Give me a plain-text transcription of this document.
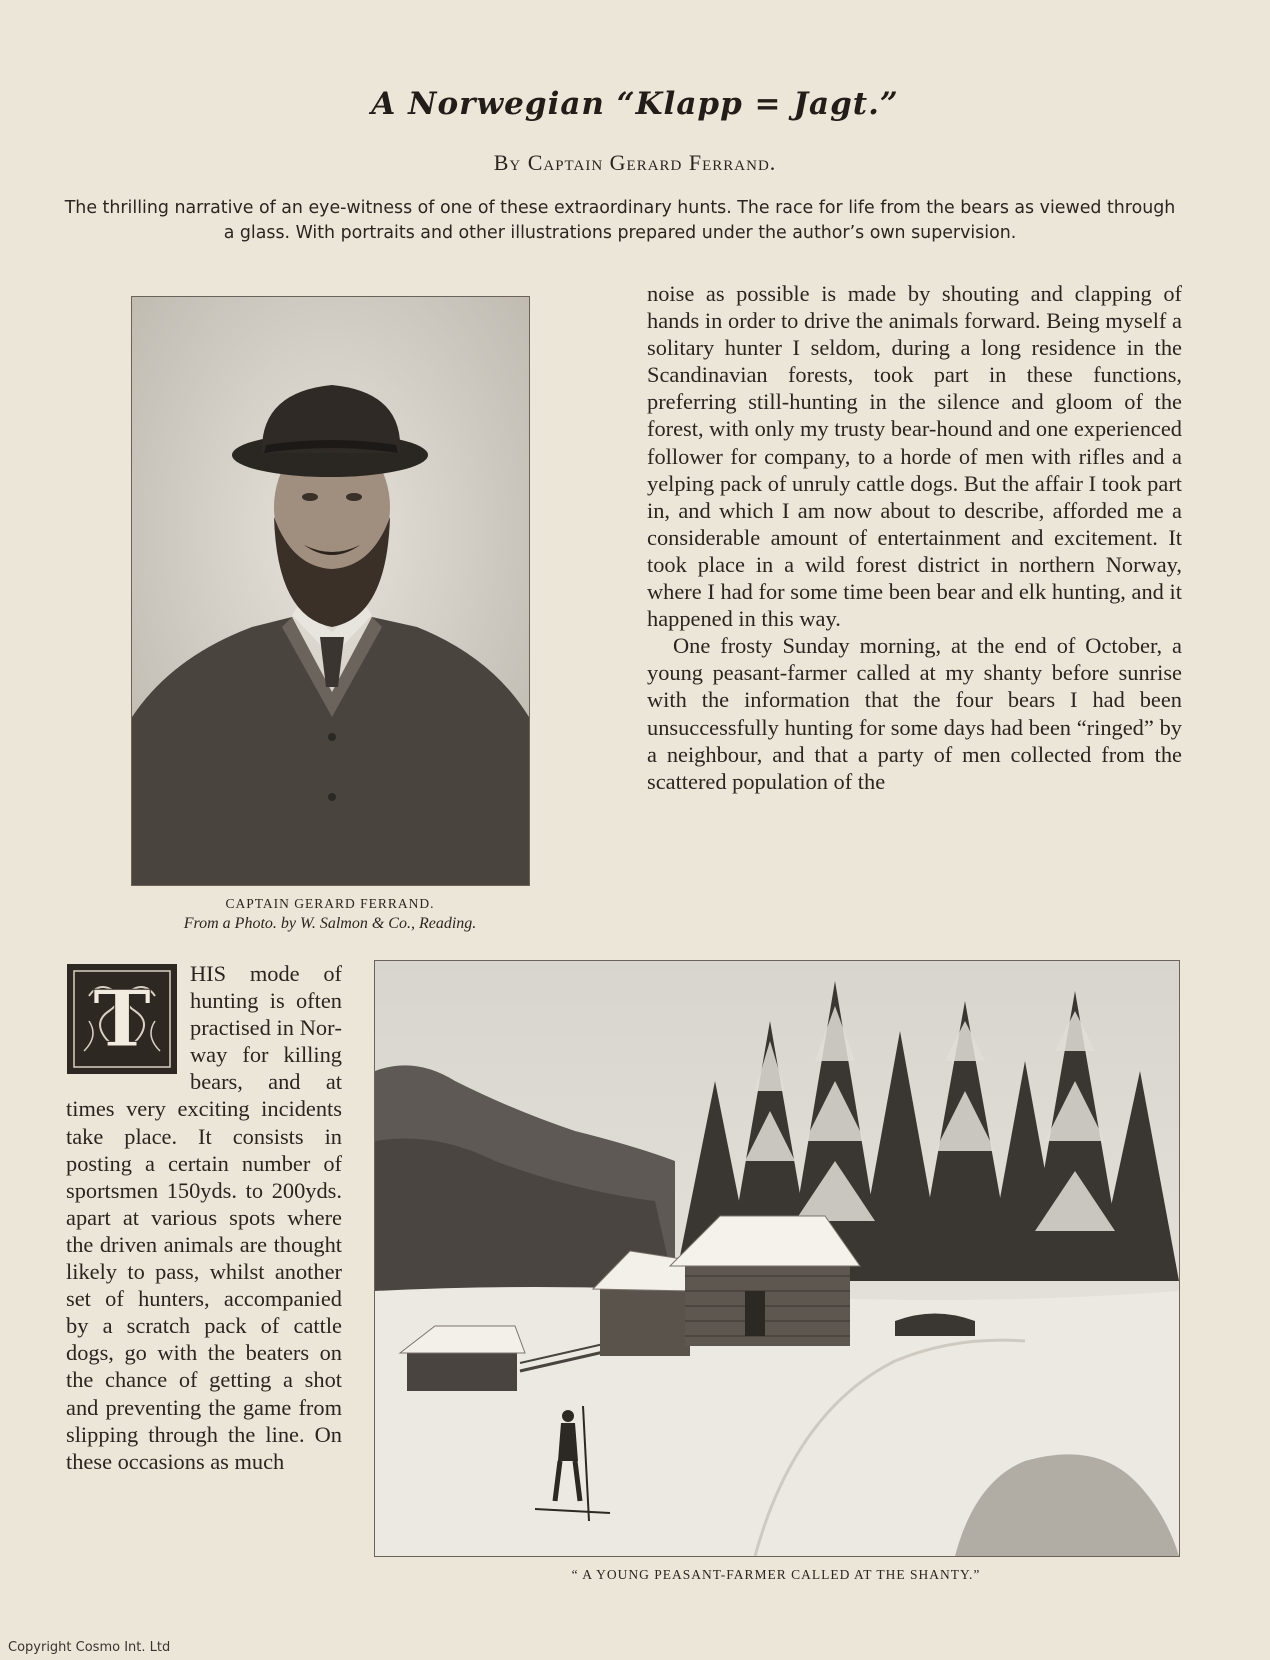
A Norwegian “Klapp = Jagt.”
By Captain Gerard Ferrand.
The thrilling narrative of an eye-witness of one of these extraordinary hunts. The race for life from the bears as viewed through a glass. With portraits and other illustrations prepared under the author’s own supervision.
CAPTAIN GERARD FERRAND.
From a Photo. by W. Salmon & Co., Reading.

noise as possible is made by shouting and clapping of hands in order to drive the animals forward. Being myself a solitary hunter I seldom, during a long residence in the Scandinavian forests, took part in these functions, preferring still-hunting in the silence and gloom of the forest, with only my trusty bear-hound and one experienced follower for company, to a horde of men with rifles and a yelping pack of unruly cattle dogs. But the affair I took part in, and which I am now about to describe, afforded me a considerable amount of entertainment and excitement. It took place in a wild forest district in northern Norway, where I had for some time been bear and elk hunting, and it happened in this way.

One frosty Sunday morning, at the end of October, a young peasant-farmer called at my shanty before sunrise with the information that the four bears I had been unsuccessfully hunting for some days had been “ringed” by a neighbour, and that a party of men collected from the scattered population of the

T
HIS mode of hunting is often practised in Norway for killing bears, and at times very exciting incidents take place. It consists in posting a certain number of sportsmen 150yds. to 200yds. apart at various spots where the driven animals are thought likely to pass, whilst another set of hunters, accompanied by a scratch pack of cattle dogs, go with the beaters on the chance of getting a shot and preventing the game from slipping through the line. On these occasions as much
“ A YOUNG PEASANT-FARMER CALLED AT THE SHANTY.”
Copyright Cosmo Int. Ltd
